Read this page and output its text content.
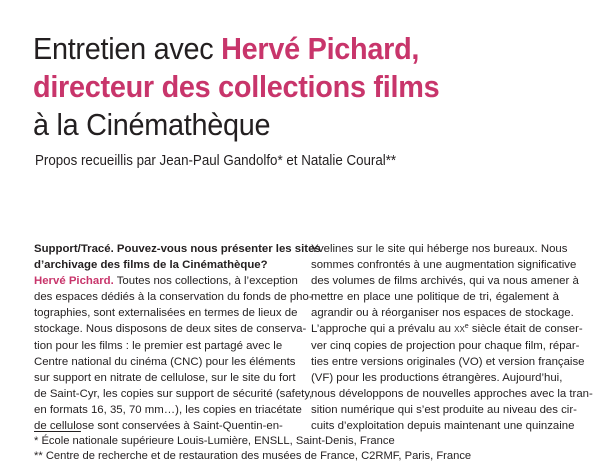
Entretien avec Hervé Pichard,
directeur des collections films
à la Cinémathèque
Propos recueillis par Jean-Paul Gandolfo* et Natalie Coural**
Support/Tracé. Pouvez-vous nous présenter les sites
d’archivage des films de la Cinémathèque?
Hervé Pichard. Toutes nos collections, à l’exception
des espaces dédiés à la conservation du fonds de pho-
tographies, sont externalisées en termes de lieux de
stockage. Nous disposons de deux sites de conserva-
tion pour les films : le premier est partagé avec le
Centre national du cinéma (CNC) pour les éléments
sur support en nitrate de cellulose, sur le site du fort
de Saint-Cyr, les copies sur support de sécurité (safety,
en formats 16, 35, 70 mm…), les copies en triacétate
de cellulose sont conservées à Saint-Quentin-en-
Yvelines sur le site qui héberge nos bureaux. Nous
sommes confrontés à une augmentation significative
des volumes de films archivés, qui va nous amener à
mettre en place une politique de tri, également à
agrandir ou à réorganiser nos espaces de stockage.
L’approche qui a prévalu au $xx^e$ siècle était de conser-
ver cinq copies de projection pour chaque film, répar-
ties entre versions originales (VO) et version française
(VF) pour les productions étrangères. Aujourd’hui,
nous développons de nouvelles approches avec la tran-
sition numérique qui s’est produite au niveau des cir-
cuits d’exploitation depuis maintenant une quinzaine
* École nationale supérieure Louis-Lumière, ENSLL, Saint-Denis, France
** Centre de recherche et de restauration des musées de France, C2RMF, Paris, France
